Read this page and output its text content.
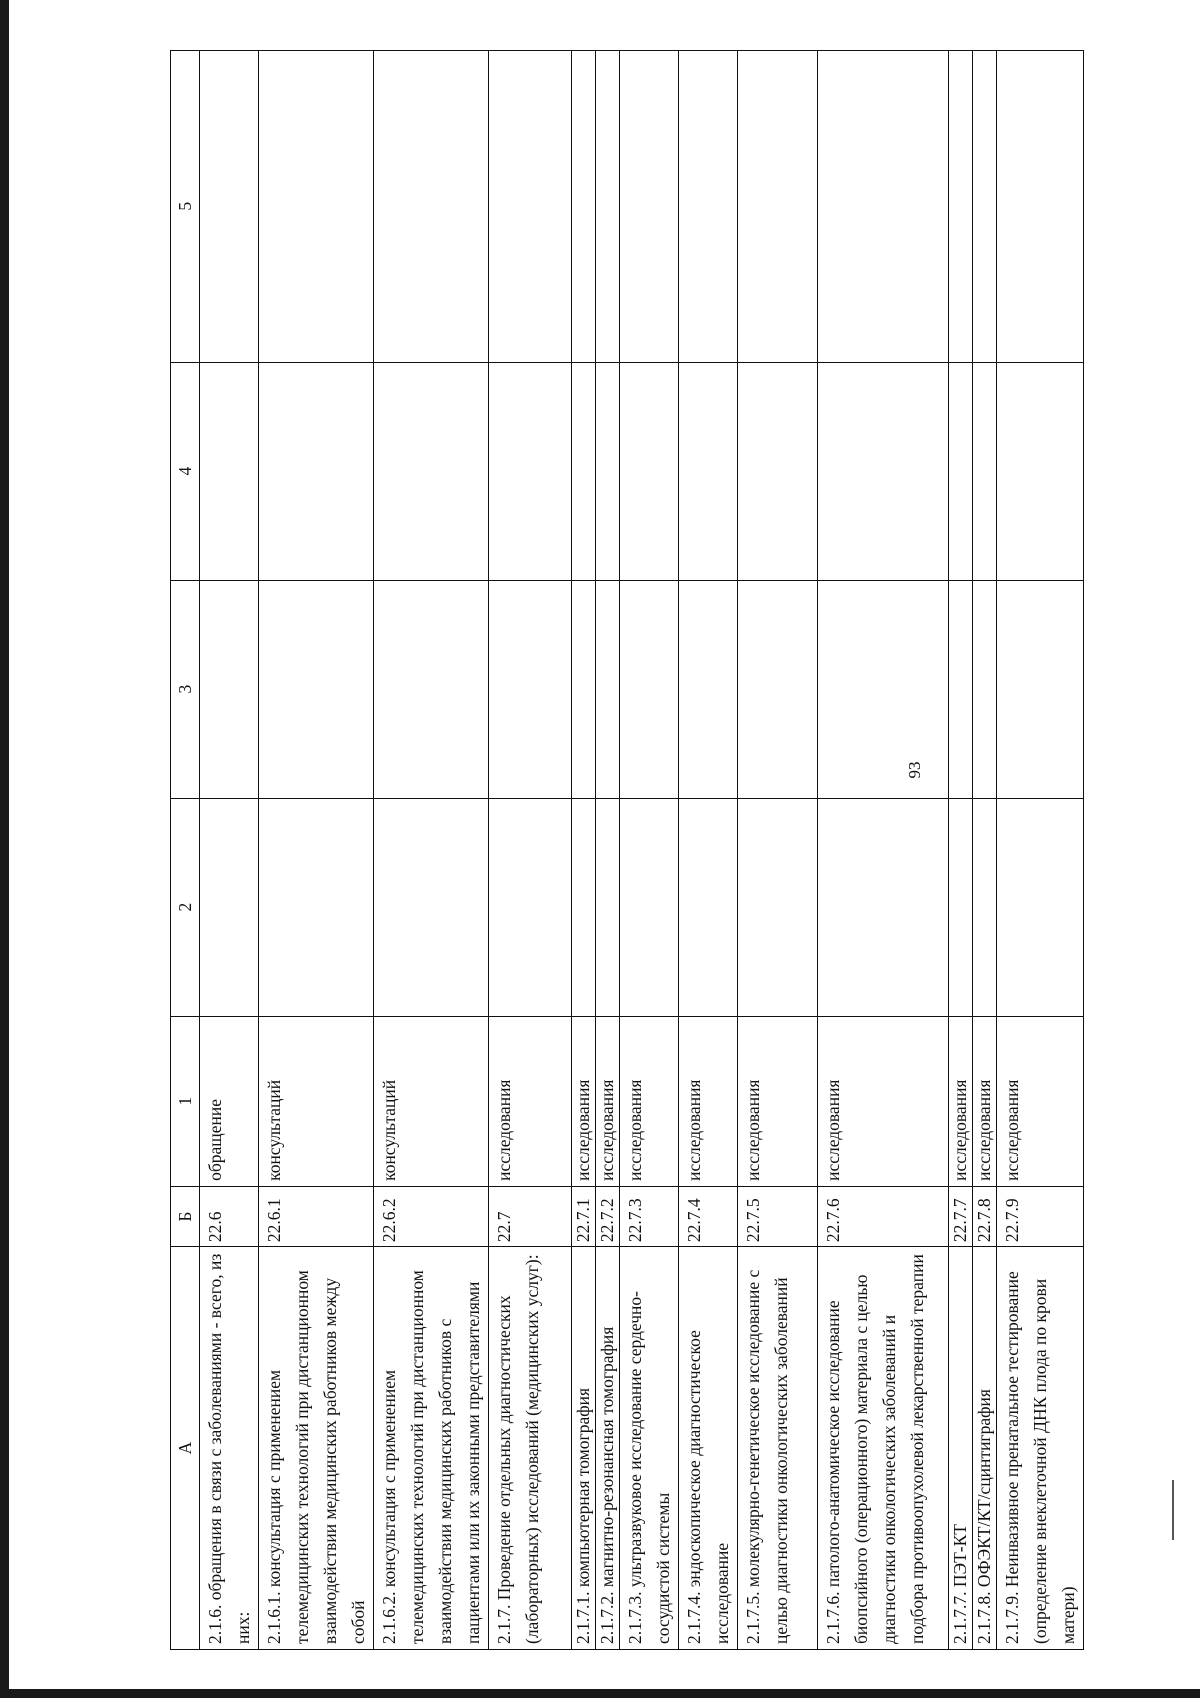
93
А	Б	1	2	3	4	5
2.1.6. обращения в связи с заболеваниями - всего, из них:	22.6	обращение				
2.1.6.1. консультация с применением телемедицинских технологий при дистанционном взаимодействии медицинских работников между собой	22.6.1	консультаций				
2.1.6.2. консультация с применением телемедицинских технологий при дистанционном взаимодействии медицинских работников с пациентами или их законными представителями	22.6.2	консультаций				
2.1.7. Проведение отдельных диагностических (лабораторных) исследований (медицинских услуг):	22.7	исследования				
2.1.7.1. компьютерная томография	22.7.1	исследования				
2.1.7.2. магнитно-резонансная томография	22.7.2	исследования				
2.1.7.3. ультразвуковое исследование сердечно-сосудистой системы	22.7.3	исследования				
2.1.7.4. эндоскопическое диагностическое исследование	22.7.4	исследования				
2.1.7.5. молекулярно-генетическое исследование с целью диагностики онкологических заболеваний	22.7.5	исследования				
2.1.7.6. патолого-анатомическое исследование биопсийного (операционного) материала с целью диагностики онкологических заболеваний и подбора противоопухолевой лекарственной терапии	22.7.6	исследования				
2.1.7.7. ПЭТ-КТ	22.7.7	исследования				
2.1.7.8. ОФЭКТ/КТ/сцинтиграфия	22.7.8	исследования				
2.1.7.9. Неинвазивное пренатальное тестирование (определение внеклеточной ДНК плода по крови матери)	22.7.9	исследования				
